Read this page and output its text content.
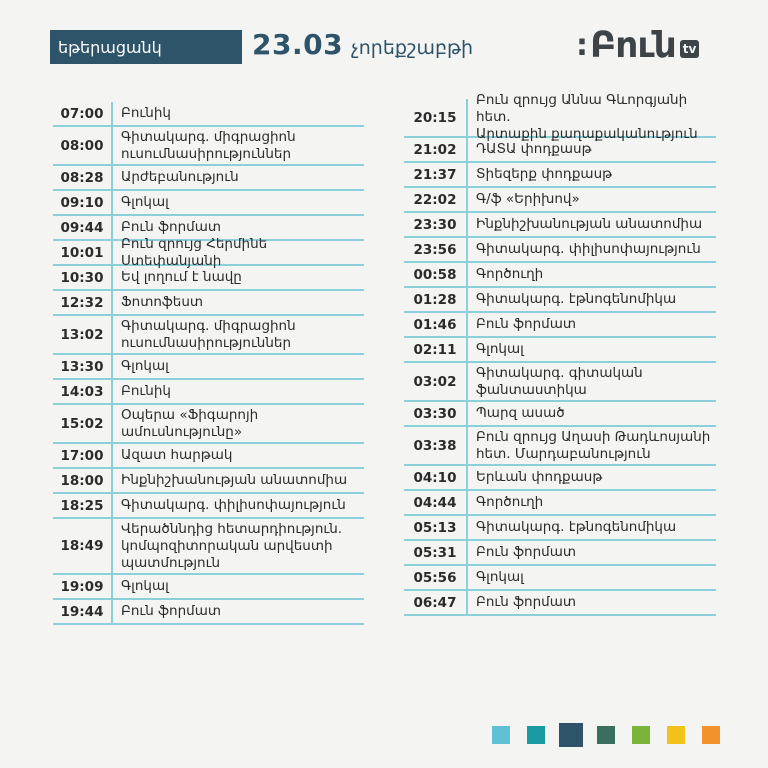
եթերացանկ	23.03 չորեքշաբթի	: Բուն tv
07:00	Բունիկ
08:00
Գիտակարգ. միգրացիոն
ուսումնասիրություններ
08:28	Արժեբանություն
09:10	Գլոկալ
09:44	Բուն ֆորմատ
10:01
Բուն զրույց Հերմինե Ստեփանյանի
10:30	Եվ լողում է նավը
12:32	Ֆոտոֆեստ
13:02
Գիտակարգ. միգրացիոն
ուսումնասիրություններ
13:30	Գլոկալ
14:03	Բունիկ
15:02
Օպերա «Ֆիգարոյի
ամուսնությունը»
17:00	Ազատ հարթակ
18:00	Ինքնիշխանության անատոմիա
18:25	Գիտակարգ. փիլիսոփայություն
18:49
Վերածննդից հետարդիություն.
կոմպոզիտորական արվեստի
պատմություն
19:09	Գլոկալ
19:44	Բուն ֆորմատ
20:15
Բուն զրույց Աննա Գևորգյանի հետ.
Արտաքին քաղաքականություն
21:02	ԴԱՏԱ փոդքասթ
21:37	Տիեզերք փոդքասթ
22:02	Գ/ֆ «Երիխով»
23:30	Ինքնիշխանության անատոմիա
23:56	Գիտակարգ. փիլիսոփայություն
00:58	Գործուղի
01:28	Գիտակարգ. էթնոգենոմիկա
01:46	Բուն ֆորմատ
02:11	Գլոկալ
03:02
Գիտակարգ. գիտական
ֆանտաստիկա
03:30	Պարզ ասած
03:38
Բուն զրույց Աղասի Թադևոսյանի
հետ. Մարդաբանություն
04:10	Երևան փոդքասթ
04:44	Գործուղի
05:13	Գիտակարգ. էթնոգենոմիկա
05:31	Բուն ֆորմատ
05:56	Գլոկալ
06:47	Բուն ֆորմատ
